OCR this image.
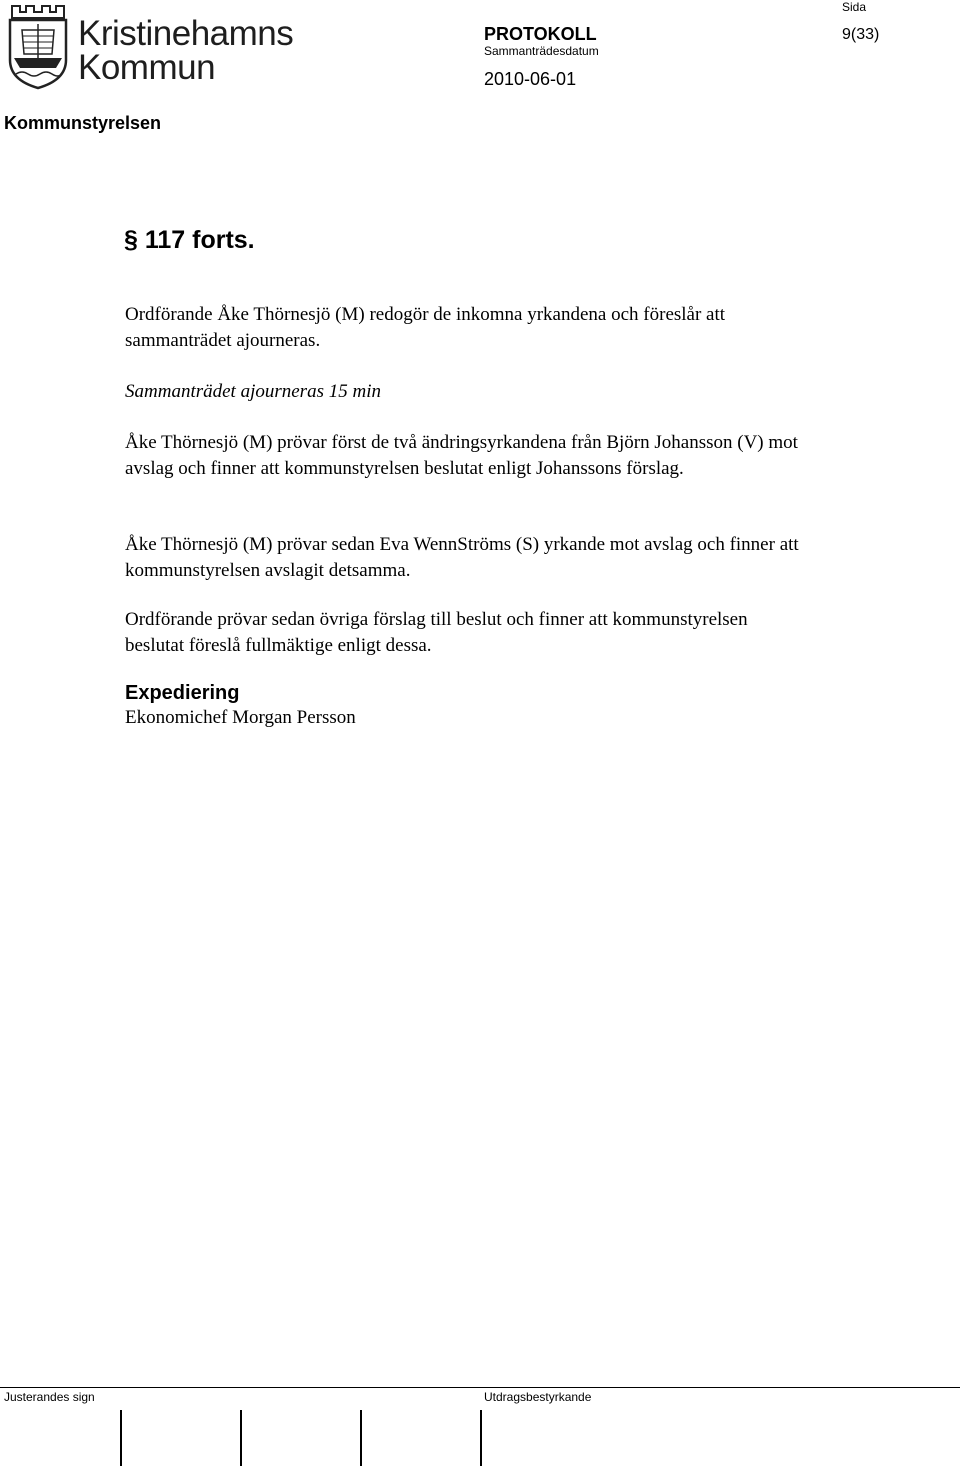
Kristinehamns
Kommun
Kommunstyrelsen
PROTOKOLL
Sammanträdesdatum
2010-06-01
Sida
9(33)
§ 117 forts.
Ordförande Åke Thörnesjö (M) redogör de inkomna yrkandena och föreslår att sammanträdet ajourneras.
Sammanträdet ajourneras 15 min
Åke Thörnesjö (M) prövar först de två ändringsyrkandena från Björn Johansson (V) mot avslag och finner att kommunstyrelsen beslutat enligt Johanssons förslag.
Åke Thörnesjö (M) prövar sedan Eva WennStröms (S) yrkande mot avslag och finner att kommunstyrelsen avslagit detsamma.
Ordförande prövar sedan övriga förslag till beslut och finner att kommunstyrelsen beslutat föreslå fullmäktige enligt dessa.
Expediering
Ekonomichef Morgan Persson
Justerandes sign	Utdragsbestyrkande
